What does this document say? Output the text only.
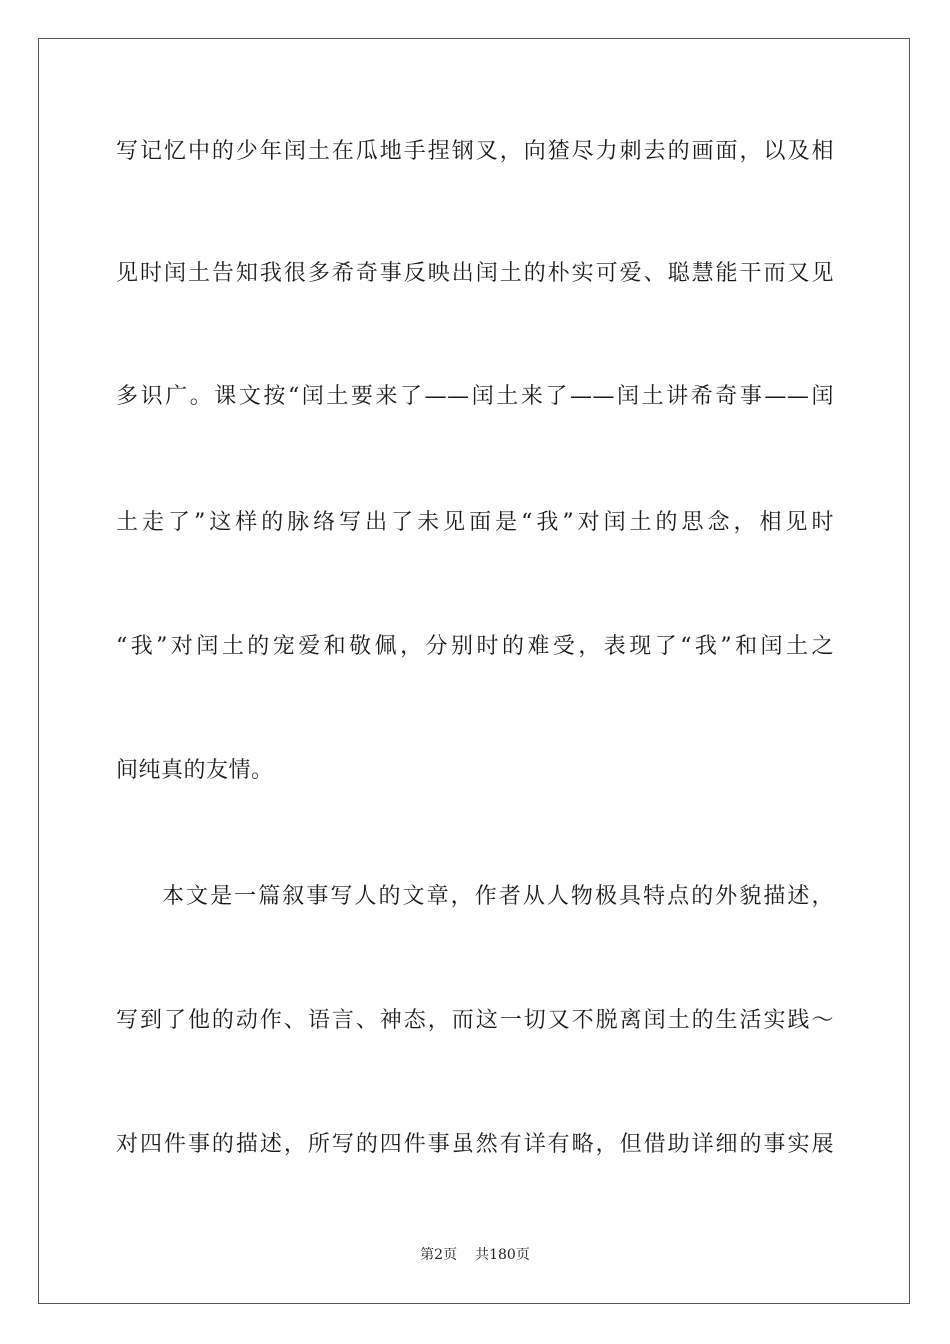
写记忆中的少年闰土在瓜地手捏钢叉，向猹尽力刺去的画面，以及相
见时闰土告知我很多希奇事反映出闰土的朴实可爱、聪慧能干而又见
多识广。课文按“闰土要来了——闰土来了——闰土讲希奇事——闰
土走了”这样的脉络写出了未见面是“我”对闰土的思念，相见时
“我”对闰土的宠爱和敬佩，分别时的难受，表现了“我”和闰土之
间纯真的友情。
本文是一篇叙事写人的文章，作者从人物极具特点的外貌描述，
写到了他的动作、语言、神态，而这一切又不脱离闰土的生活实践～
对四件事的描述，所写的四件事虽然有详有略，但借助详细的事实展
第2页 共180页
